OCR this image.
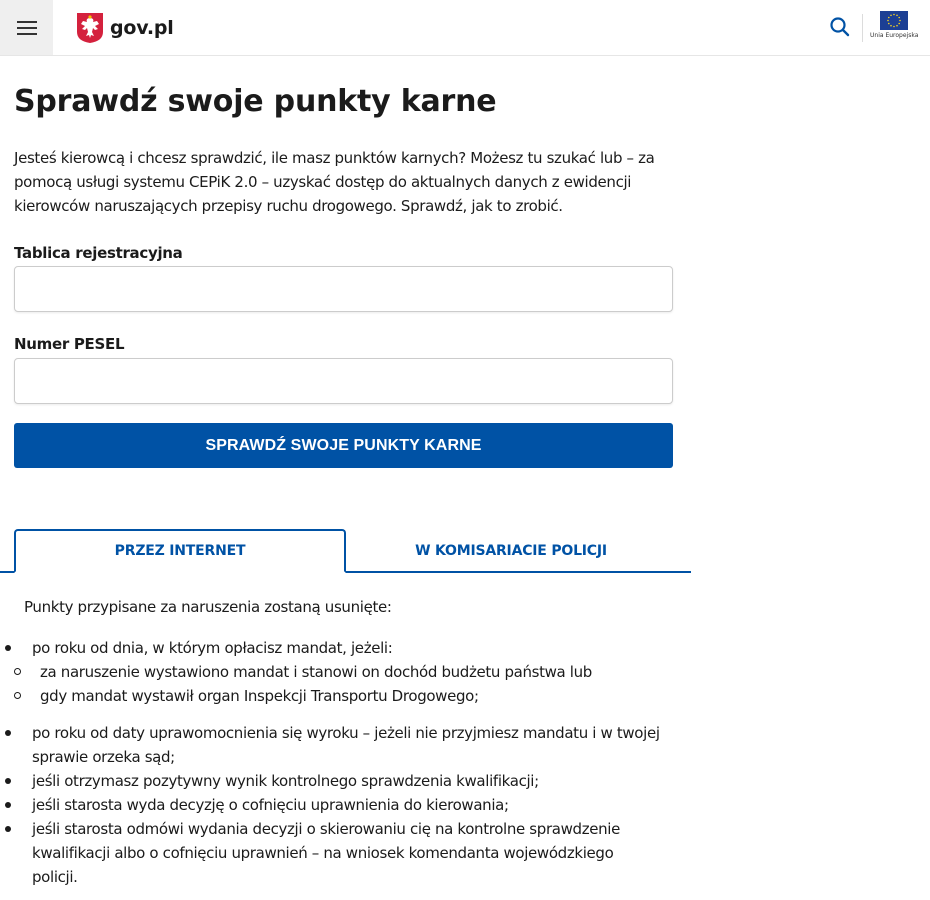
gov.pl	Unia Europejska
Sprawdź swoje punkty karne

Jesteś kierowcą i chcesz sprawdzić, ile masz punktów karnych? Możesz tu szukać lub – za pomocą usługi systemu CEPiK 2.0 – uzyskać dostęp do aktualnych danych z ewidencji kierowców naruszających przepisy ruchu drogowego. Sprawdź, jak to zrobić.

Tablica rejestracyjna
Numer PESEL
SPRAWDŹ SWOJE PUNKTY KARNE
PRZEZ INTERNET	W KOMISARIACIE POLICJI

Punkty przypisane za naruszenia zostaną usunięte:

po roku od dnia, w którym opłacisz mandat, jeżeli:
za naruszenie wystawiono mandat i stanowi on dochód budżetu państwa lub
gdy mandat wystawił organ Inspekcji Transportu Drogowego;
po roku od daty uprawomocnienia się wyroku – jeżeli nie przyjmiesz mandatu i w twojej sprawie orzeka sąd;
jeśli otrzymasz pozytywny wynik kontrolnego sprawdzenia kwalifikacji;
jeśli starosta wyda decyzję o cofnięciu uprawnienia do kierowania;
jeśli starosta odmówi wydania decyzji o skierowaniu cię na kontrolne sprawdzenie kwalifikacji albo o cofnięciu uprawnień – na wniosek komendanta wojewódzkiego policji.
